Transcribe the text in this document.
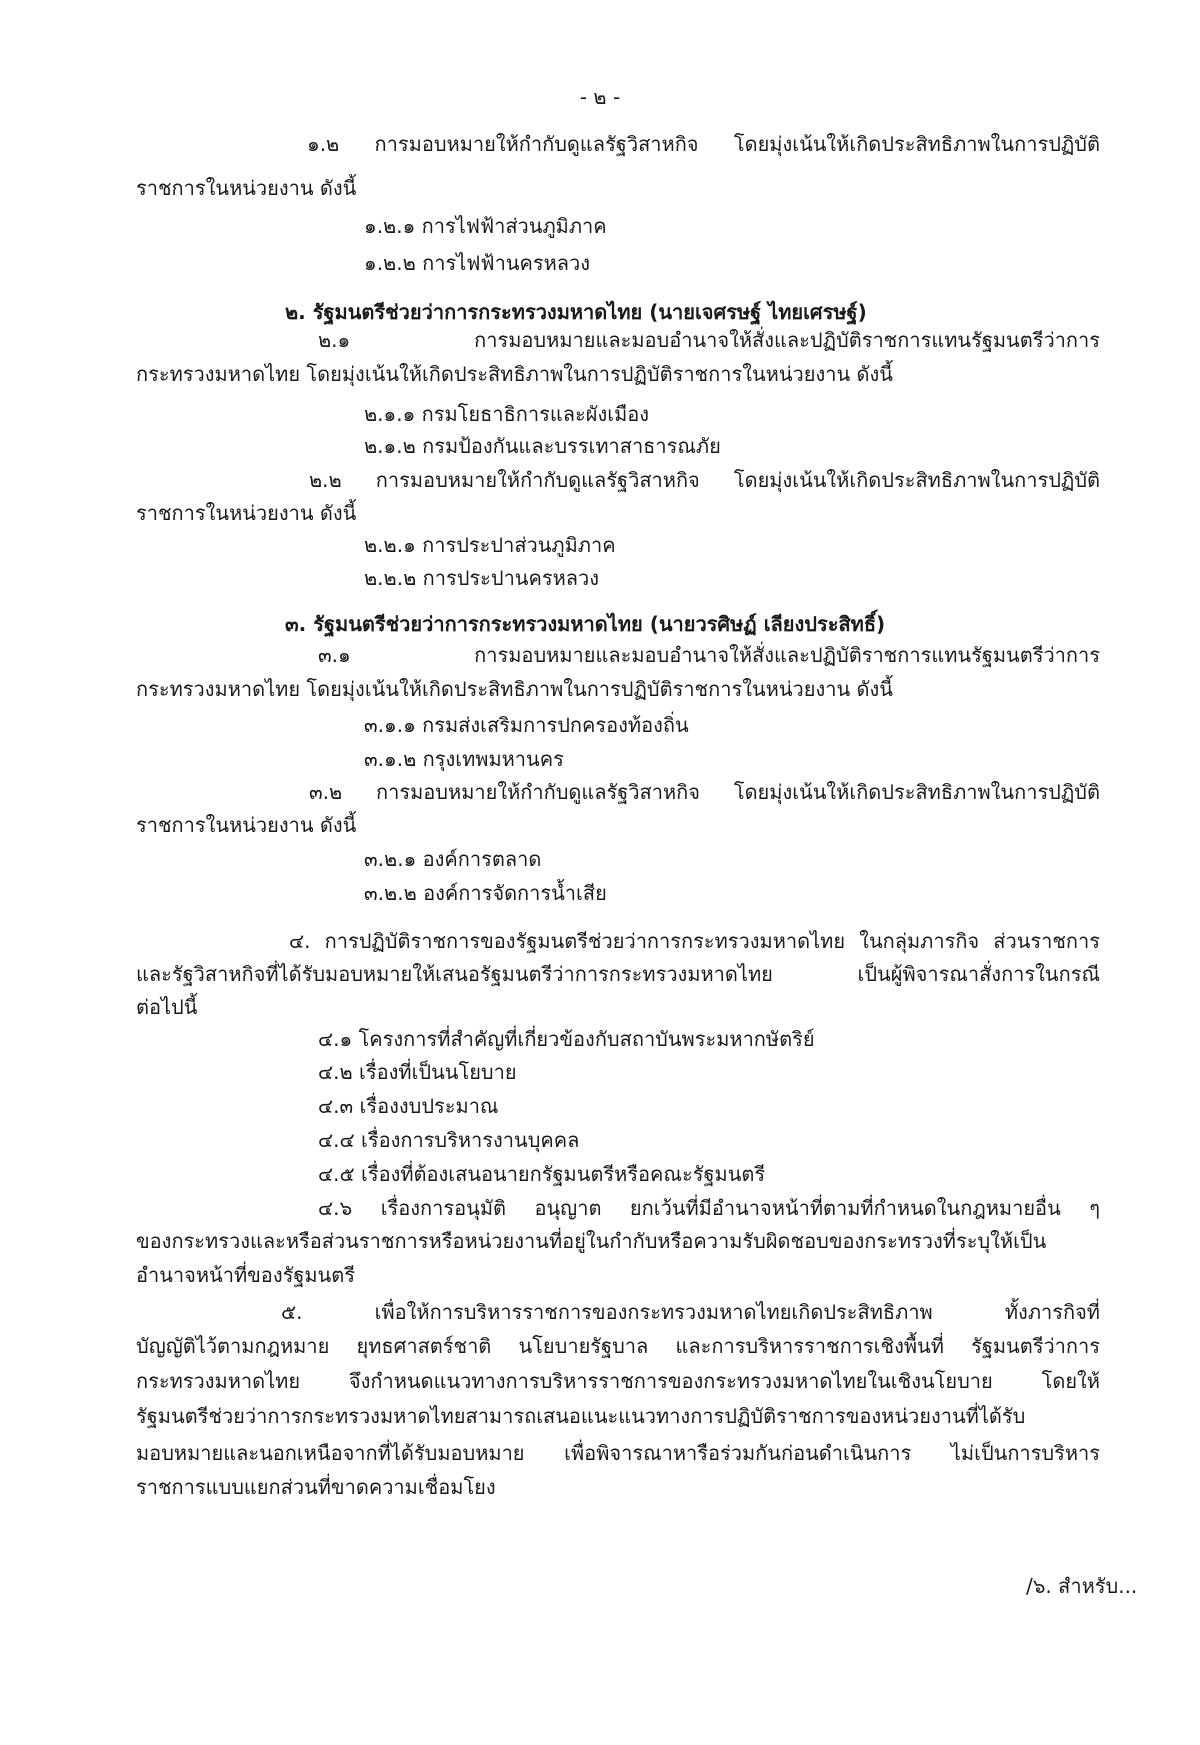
- ๒ -
๑.๒ การมอบหมายให้กำกับดูแลรัฐวิสาหกิจ โดยมุ่งเน้นให้เกิดประสิทธิภาพในการปฏิบัติ
ราชการในหน่วยงาน ดังนี้
๑.๒.๑ การไฟฟ้าส่วนภูมิภาค
๑.๒.๒ การไฟฟ้านครหลวง
๒. รัฐมนตรีช่วยว่าการกระทรวงมหาดไทย (นายเจศรษฐ์ ไทยเศรษฐ์)
๒.๑ การมอบหมายและมอบอำนาจให้สั่งและปฏิบัติราชการแทนรัฐมนตรีว่าการ
กระทรวงมหาดไทย โดยมุ่งเน้นให้เกิดประสิทธิภาพในการปฏิบัติราชการในหน่วยงาน ดังนี้
๒.๑.๑ กรมโยธาธิการและผังเมือง
๒.๑.๒ กรมป้องกันและบรรเทาสาธารณภัย
๒.๒ การมอบหมายให้กำกับดูแลรัฐวิสาหกิจ โดยมุ่งเน้นให้เกิดประสิทธิภาพในการปฏิบัติ
ราชการในหน่วยงาน ดังนี้
๒.๒.๑ การประปาส่วนภูมิภาค
๒.๒.๒ การประปานครหลวง
๓. รัฐมนตรีช่วยว่าการกระทรวงมหาดไทย (นายวรศิษฏ์ เลียงประสิทธิ์)
๓.๑ การมอบหมายและมอบอำนาจให้สั่งและปฏิบัติราชการแทนรัฐมนตรีว่าการ
กระทรวงมหาดไทย โดยมุ่งเน้นให้เกิดประสิทธิภาพในการปฏิบัติราชการในหน่วยงาน ดังนี้
๓.๑.๑ กรมส่งเสริมการปกครองท้องถิ่น
๓.๑.๒ กรุงเทพมหานคร
๓.๒ การมอบหมายให้กำกับดูแลรัฐวิสาหกิจ โดยมุ่งเน้นให้เกิดประสิทธิภาพในการปฏิบัติ
ราชการในหน่วยงาน ดังนี้
๓.๒.๑ องค์การตลาด
๓.๒.๒ องค์การจัดการน้ำเสีย
๔. การปฏิบัติราชการของรัฐมนตรีช่วยว่าการกระทรวงมหาดไทย ในกลุ่มภารกิจ ส่วนราชการ
และรัฐวิสาหกิจที่ได้รับมอบหมายให้เสนอรัฐมนตรีว่าการกระทรวงมหาดไทย เป็นผู้พิจารณาสั่งการในกรณี
ต่อไปนี้
๔.๑ โครงการที่สำคัญที่เกี่ยวข้องกับสถาบันพระมหากษัตริย์
๔.๒ เรื่องที่เป็นนโยบาย
๔.๓ เรื่องงบประมาณ
๔.๔ เรื่องการบริหารงานบุคคล
๔.๕ เรื่องที่ต้องเสนอนายกรัฐมนตรีหรือคณะรัฐมนตรี
๔.๖ เรื่องการอนุมัติ อนุญาต ยกเว้นที่มีอำนาจหน้าที่ตามที่กำหนดในกฎหมายอื่น ๆ
ของกระทรวงและหรือส่วนราชการหรือหน่วยงานที่อยู่ในกำกับหรือความรับผิดชอบของกระทรวงที่ระบุให้เป็น
อำนาจหน้าที่ของรัฐมนตรี
๕. เพื่อให้การบริหารราชการของกระทรวงมหาดไทยเกิดประสิทธิภาพ ทั้งภารกิจที่
บัญญัติไว้ตามกฎหมาย ยุทธศาสตร์ชาติ นโยบายรัฐบาล และการบริหารราชการเชิงพื้นที่ รัฐมนตรีว่าการ
กระทรวงมหาดไทย จึงกำหนดแนวทางการบริหารราชการของกระทรวงมหาดไทยในเชิงนโยบาย โดยให้
รัฐมนตรีช่วยว่าการกระทรวงมหาดไทยสามารถเสนอแนะแนวทางการปฏิบัติราชการของหน่วยงานที่ได้รับ
มอบหมายและนอกเหนือจากที่ได้รับมอบหมาย เพื่อพิจารณาหารือร่วมกันก่อนดำเนินการ ไม่เป็นการบริหาร
ราชการแบบแยกส่วนที่ขาดความเชื่อมโยง
/๖. สำหรับ...
